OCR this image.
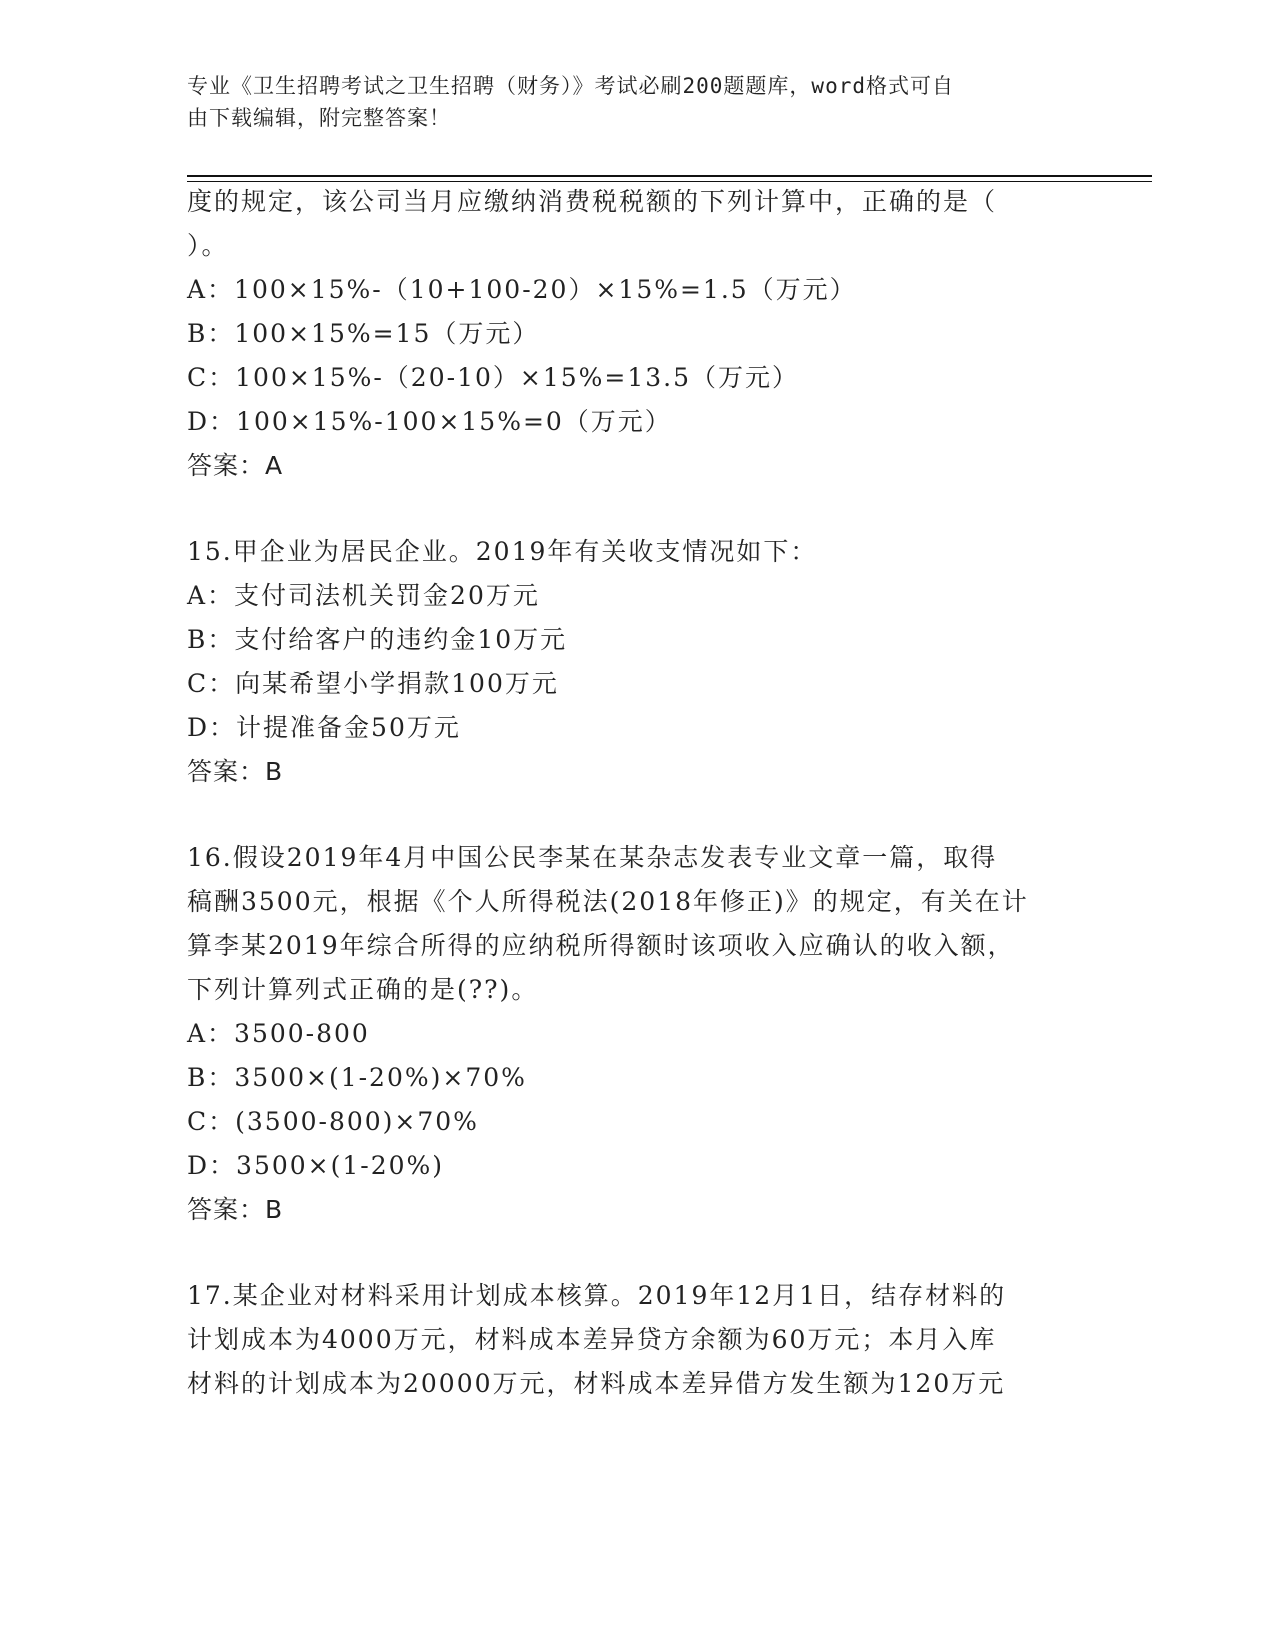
专业《卫生招聘考试之卫生招聘（财务）》考试必刷200题题库，word格式可自
由下载编辑，附完整答案！
度的规定，该公司当月应缴纳消费税税额的下列计算中，正确的是（
）。
A：100×15%-（10+100-20）×15%=1.5（万元）
B：100×15%=15（万元）
C：100×15%-（20-10）×15%=13.5（万元）
D：100×15%-100×15%=0（万元）
答案：A
15.甲企业为居民企业。2019年有关收支情况如下：
A：支付司法机关罚金20万元
B：支付给客户的违约金10万元
C：向某希望小学捐款100万元
D：计提准备金50万元
答案：B
16.假设2019年4月中国公民李某在某杂志发表专业文章一篇，取得
稿酬3500元，根据《个人所得税法(2018年修正)》的规定，有关在计
算李某2019年综合所得的应纳税所得额时该项收入应确认的收入额，
下列计算列式正确的是(??)。
A：3500-800
B：3500×(1-20%)×70%
C：(3500-800)×70%
D：3500×(1-20%)
答案：B
17.某企业对材料采用计划成本核算。2019年12月1日，结存材料的
计划成本为4000万元，材料成本差异贷方余额为60万元；本月入库
材料的计划成本为20000万元，材料成本差异借方发生额为120万元
